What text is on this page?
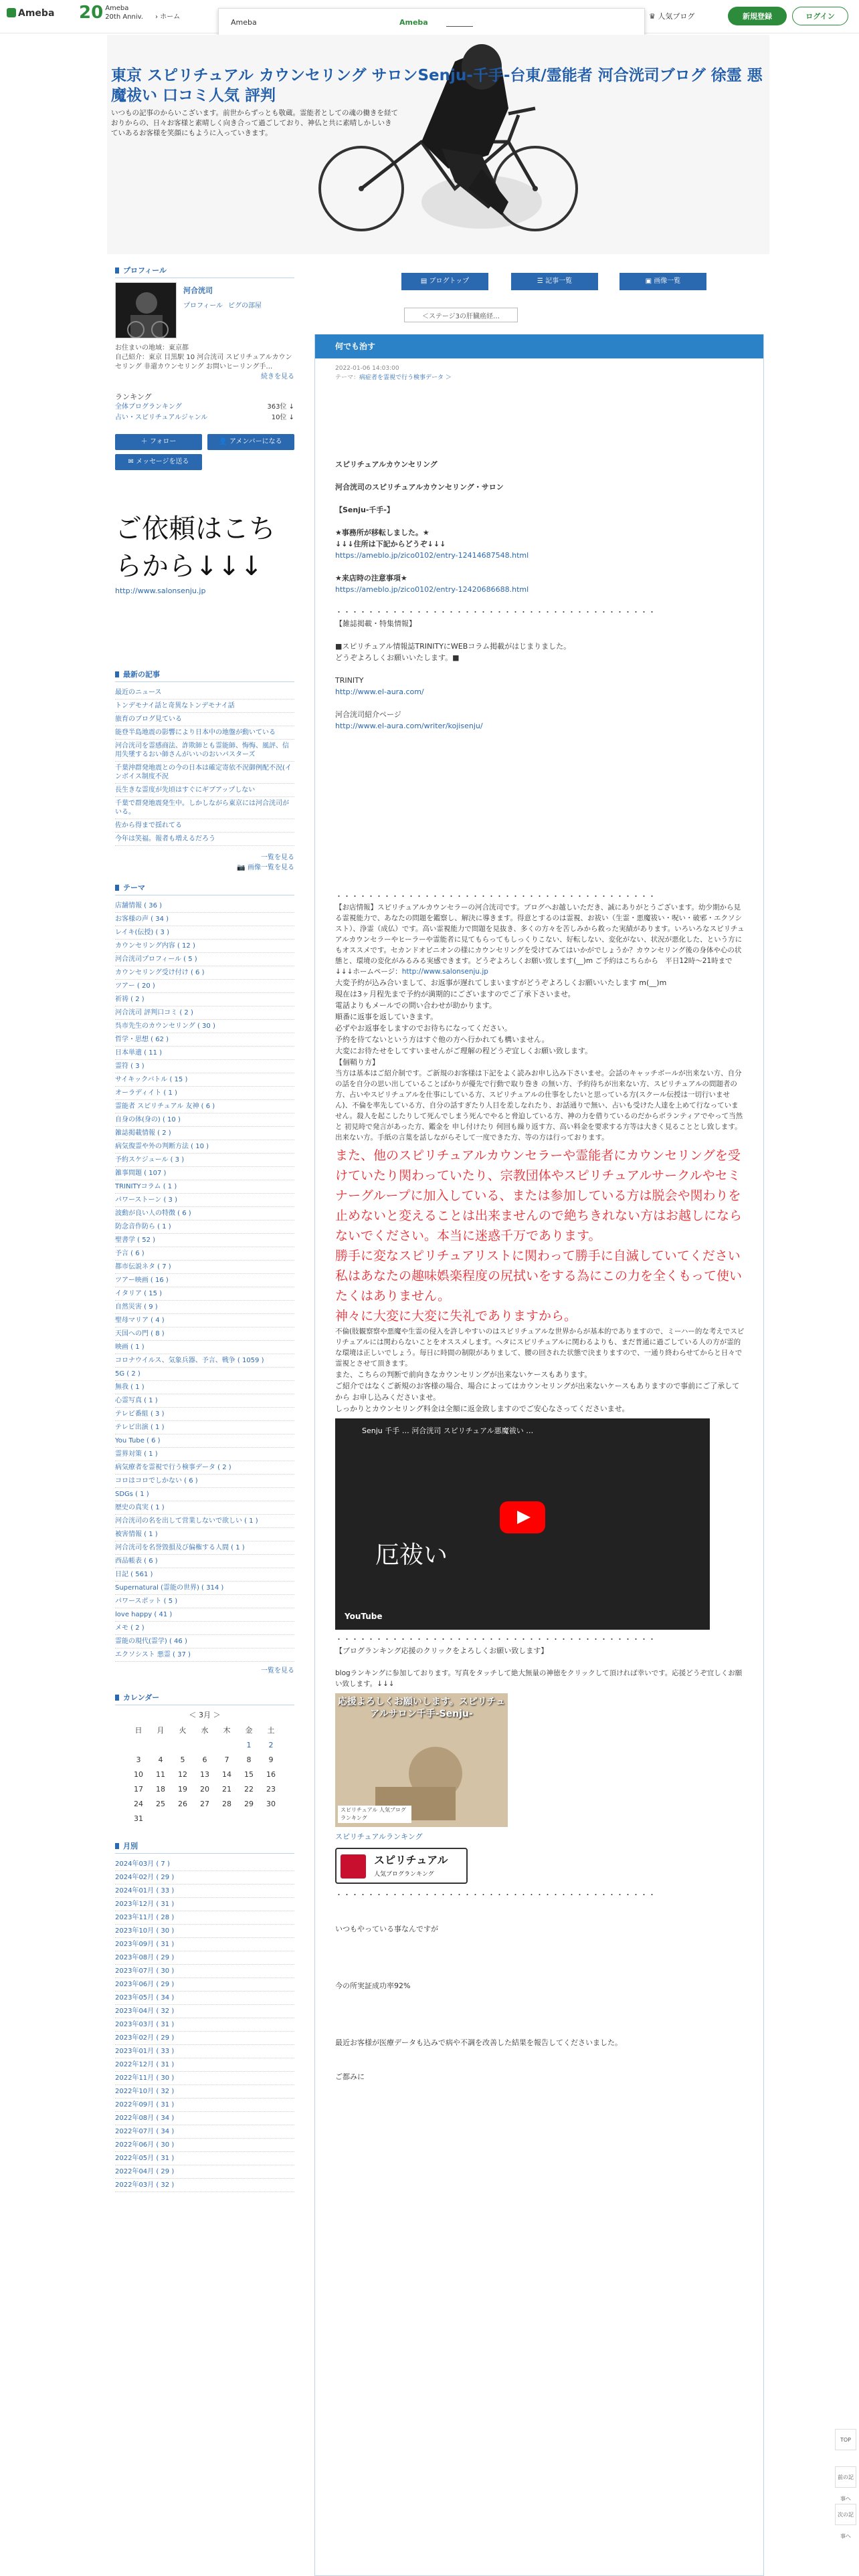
Ameba 20 Ameba
20th Anniv. › ホーム	♛ 人気ブログ	新規登録	ログイン
Ameba	Ameba
東京 スピリチュアル カウンセリング サロンSenju-千手-台東/霊能者 河合洸司ブログ 徐霊 悪魔祓い 口コミ人気 評判
いつもの記事のからいこざいます。前世からずっとも敬蔵。霊能者としての魂の働きを経ておりからの、日々お客様と素晴しく向き合って過ごしており、神仏と共に素晴しかしいきていあるお客様を笑顔にもように入っていきます。
▤ ブログトップ	☰ 記事一覧	▣ 画像一覧
＜ステージ3の肝臓癌経…
プロフィール
河合洸司
プロフィール ピグの部屋
お住まいの地域：東京都
自己紹介：東京 目黒駅 10 河合洸司 スピリチュアルカウンセリング 非還カウンセリング お問いヒーリング手…
続きを見る
ランキング
全体ブログランキング	363位 ↓
占い・スピリチュアルジャンル	10位 ↓
＋ フォロー	👤 アメンバーになる ✉ メッセージを送る
ご依頼はこちらから↓↓↓
http://www.salonsenju.jp
最新の記事
最近のニュース
トンデモナイ話と奇異なトンデモナイ話
旅育のブログ見ている
能登半島地震の影響により日本中の地盤が動いている
河合洸司を霊感商法、詐欺師とも霊能師、悔悔、風評、信用失墜するおい師さんがいいのおいパスターズ
千葉沖群発地震との今の日本は確定寄依不況御例配不況(インボイス制度不況
長生きな霊度が先頃はすぐにギブアップしない
千葉で群発地震発生中。しかしながら東京には河合洸司がいる。
佐から得まで揺れてる
今年は笑福。報者も増えるだろう
一覧を見る
📷 画像一覧を見る
テーマ
店舗情報 ( 36 )
お客様の声 ( 34 )
レイキ(伝授) ( 3 )
カウンセリング内容 ( 12 )
河合洸司プロフィール ( 5 )
カウンセリング受け付け ( 6 )
ツアー ( 20 )
祈祷 ( 2 )
河合洸司 評判口コミ ( 2 )
呉市先生のカウンセリング ( 30 )
哲学・思想 ( 62 )
日本単遺 ( 11 )
霊符 ( 3 )
サイキックバトル ( 15 )
オーラディイト ( 1 )
霊能者 スピリチュアル 友神 ( 6 )
自身の体(身の) ( 10 )
雑誌掲載情報 ( 2 )
病気復霊や外の判断方法 ( 10 )
予約スケジュール ( 3 )
雑事問題 ( 107 )
TRINITYコラム ( 1 )
パワーストーン ( 3 )
波動が良い人の特徴 ( 6 )
防念音作防ら ( 1 )
聖書学 ( 52 )
予言 ( 6 )
都市伝説ネタ ( 7 )
ツアー映画 ( 16 )
イタリア ( 15 )
自然災害 ( 9 )
聖母マリア ( 4 )
天国への門 ( 8 )
映画 ( 1 )
コロナウイルス、気象兵器、予言、戦争 ( 1059 )
5G ( 2 )
無我 ( 1 )
心霊写真 ( 1 )
テレビ番組 ( 3 )
テレビ出演 ( 1 )
You Tube ( 6 )
霊界対策 ( 1 )
病気療者を霊視で行う検事データ ( 2 )
コロはコロでしかない ( 6 )
SDGs ( 1 )
歴史の真実 ( 1 )
河合洸司の名を出して営業しないで欲しい ( 1 )
被害情報 ( 1 )
河合洸司を名誉毀損及び偏権する人間 ( 1 )
西品帳表 ( 6 )
日記 ( 561 )
Supernatural (霊能の世界) ( 314 )
パワースポット ( 5 )
love happy ( 41 )
メモ ( 2 )
霊能の現代(霊学) ( 46 )
エクソシスト 悪霊 ( 37 )
一覧を見る
カレンダー
＜ 3月 ＞
日	月	火	水	木	金	土
					1	2
3	4	5	6	7	8	9
10	11	12	13	14	15	16
17	18	19	20	21	22	23
24	25	26	27	28	29	30
31						
月別
2024年03月 ( 7 )
2024年02月 ( 29 )
2024年01月 ( 33 )
2023年12月 ( 31 )
2023年11月 ( 28 )
2023年10月 ( 30 )
2023年09月 ( 31 )
2023年08月 ( 29 )
2023年07月 ( 30 )
2023年06月 ( 29 )
2023年05月 ( 34 )
2023年04月 ( 32 )
2023年03月 ( 31 )
2023年02月 ( 29 )
2023年01月 ( 33 )
2022年12月 ( 31 )
2022年11月 ( 30 )
2022年10月 ( 32 )
2022年09月 ( 31 )
2022年08月 ( 34 )
2022年07月 ( 34 )
2022年06月 ( 30 )
2022年05月 ( 31 )
2022年04月 ( 29 )
2022年03月 ( 32 )
何でも治す
2022-01-06 14:03:00
テーマ：病症者を霊視で行う検事データ ＞
スピリチュアルカウンセリング
河合洸司のスピリチュアルカウンセリング・サロン
【Senju-千手-】
★事務所が移転しました。★
↓↓↓住所は下記からどうぞ↓↓↓
https://ameblo.jp/zico0102/entry-12414687548.html
★来店時の注意事項★
https://ameblo.jp/zico0102/entry-12420686688.html
・・・・・・・・・・・・・・・・・・・・・・・・・・・・・・・・・・・・・・・・
【雑誌掲載・特集情報】
■スピリチュアル情報誌TRINITYにWEBコラム掲載がはじまりました。
どうぞよろしくお願いいたします。■
TRINITY
http://www.el-aura.com/
河合洸司紹介ページ
http://www.el-aura.com/writer/kojisenju/
・・・・・・・・・・・・・・・・・・・・・・・・・・・・・・・・・・・・・・・・
【お店情報】スピリチュアルカウンセラーの河合洸司です。ブログへお越しいただき、誠にありがとうございます。幼少期から見る霊視能力で、あなたの問題を鑑察し、解決に導きます。得意とするのは霊視、お祓い（生霊・悪魔祓い・呪い・破邪・エクソシスト）、浄霊（成仏）です。高い霊視能力で問題を見抜き、多くの方々を苦しみから救った実績があります。いろいろなスピリチュアルカウンセラーやヒーラーや霊能者に見てもらってもしっくりこない、好転しない、変化がない、状況が悪化した、という方にもオススメです。セカンドオピニオンの様にカウンセリングを受けてみてはいかがでしょうか？カウンセリング後の身体や心の状態と、環境の変化がみるみる実感できます。どうぞよろしくお願い致します(__)m ご予約はこちらから　平日12時〜21時まで　　↓↓↓ホームページ：http://www.salonsenju.jp
大変予約が込み合いまして、お返事が遅れてしまいますがどうぞよろしくお願いいたします m(__)m
現在は3ヶ月程先まで予約が満期的にございますのでご了承下さいませ。
電話よりもメールでの問い合わせが助かります。
順番に返事を返していきます。
必ずやお返事をしますのでお待ちになってください。
予約を待てないという方はすぐ他の方へ行かれても構いません。
大変にお待たせをしてすいませんがご理解の程どうぞ宜しくお願い致します。
【個鞘り方】
当方は基本はご紹介制です。ご新規のお客様は下記をよく読みお申し込み下さいませ。会話のキャッチボールが出来ない方、自分の話を自分の思い出していることばかりが優先で行動で取り巻き の無い方、予約待ちが出来ない方、スピリチュアルの問題者の方、占いやスピリチュアルを仕事にしている方、スピリチュアルの仕事をしたいと思っている方(スクール伝授は一切行いません)、不倫を率先している方、自分の話すぎたり人目を差しなれたり、お話通りで無い、占いも受けた人達を上めて行なっていません。殺人を起こしたりして死んでしまう死んでやると脅迫している方、神の力を借りているのだからボランティアでやって当然と 初見時で発言があった方、鑑金を 申し付けたり 何回も繰り返す方、高い料金を要求する方等は大きく見ることとし致します。出来ない方。手紙の言葉を話しながらそして一度できた方、等の方は行っております。
また、他のスピリチュアルカウンセラーや霊能者にカウンセリングを受けていたり関わっていたり、宗教団体やスピリチュアルサークルやセミナーグループに加入している、または参加している方は脱会や関わりを止めないと変えることは出来ませんので絶ちきれない方はお越しにならないでください。本当に迷惑千万であります。
勝手に変なスピリチュアリストに関わって勝手に自滅していてください
私はあなたの趣味娯楽程度の尻拭いをする為にこの力を全くもって使いたくはありません。
神々に大変に大変に失礼でありますから。
不倫(肢観察察や悪魔や生霊の侵入を許しやすいのはスピリチュアルな世界からが基本的でありますので、ミーハー的な考えでスピリチュアルには関わらないことをオススメします。へタにスピリチュアルに関わるよりも、まだ普通に過ごしている人の方が霊的な環境は正しいでしょう。毎日に時間の制限がありまして、腰の回された状態で決まりますので、一通り終わらせてからと日々で霊視とさせて頂きます。
また、こちらの判断で前向きなカウンセリングが出来ないケースもあります。
ご紹介ではなくご新規のお客様の場合、場合によってはカウンセリングが出来ないケースもありますので事前にご了承してから お申し込みくださいませ。
しっかりとカウンセリング料金は全額に返金致しますのでご安心なさってくださいませ。
Senju 千手 … 河合洸司 スピリチュアル悪魔祓い …
厄祓い
YouTube
・・・・・・・・・・・・・・・・・・・・・・・・・・・・・・・・・・・・・・・・
【ブログランキング応援のクリックをよろしくお願い致します】
blogランキングに参加しております。写真をタッチして絶大無量の神徳をクリックして頂ければ幸いです。応援どうぞ宜しくお願い致します。↓↓↓
応援よろしくお願いします。スピリチュアルサロン千手-Senju-
スピリチュアル 人気ブログランキング
スピリチュアルランキング
スピリチュアル
人気ブログランキング
・・・・・・・・・・・・・・・・・・・・・・・・・・・・・・・・・・・・・・・・
いつもやっている事なんですが
今の所実証成功率92%
最近お客様が医療データも込みで病や不調を改善した結果を報告してくださいました。
ご都みに
TOP
前の記事へ
次の記事へ
